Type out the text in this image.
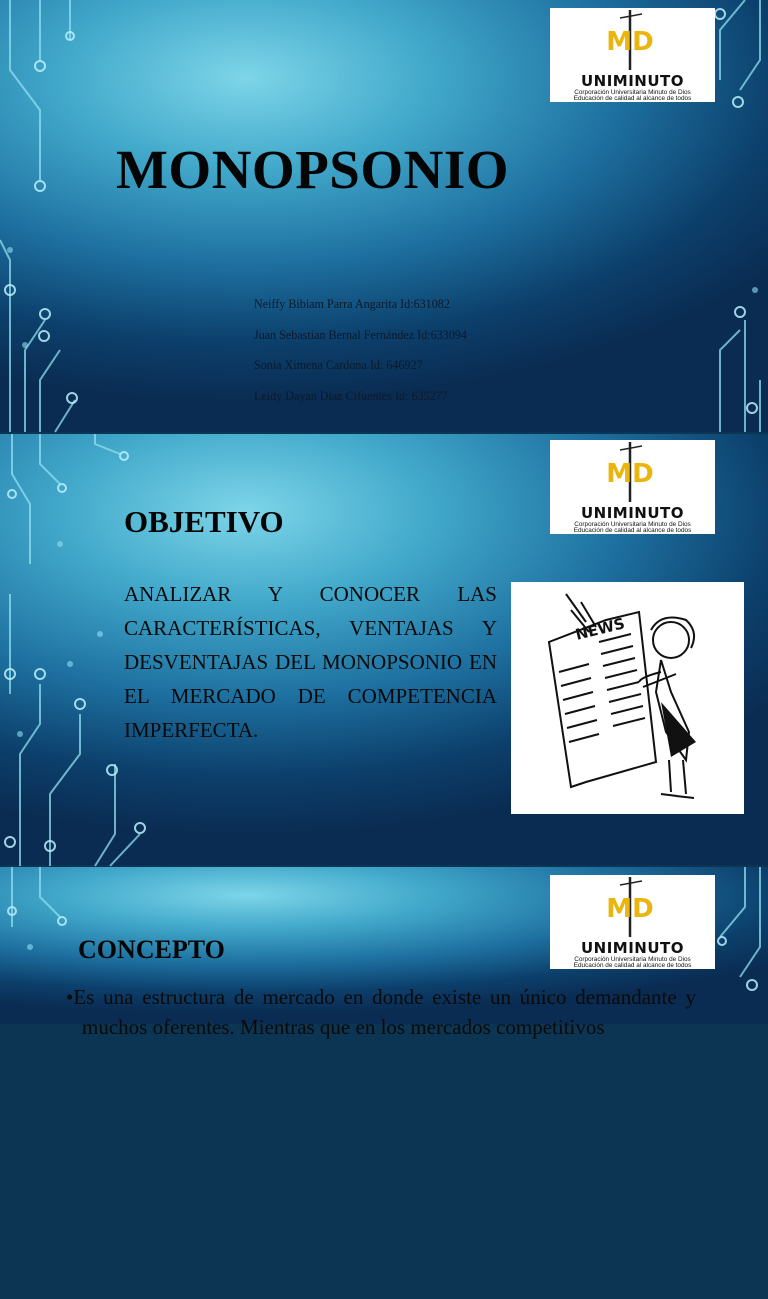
MD
UNIMINUTO
Corporación Universitaria Minuto de Dios
Educación de calidad al alcance de todos
MONOPSONIO
Neiffy Bibiam Parra Angarita Id:631082
Juan Sebastian Bernal Fernández Id:633094
Sonia Ximena Cardona Id: 646927
Leidy Dayan Diaz Cifuentes Id: 635277
MD
UNIMINUTO
Corporación Universitaria Minuto de Dios
Educación de calidad al alcance de todos
OBJETIVO

ANALIZAR Y CONOCER LAS CARACTERÍSTICAS, VENTAJAS Y DESVENTAJAS DEL MONOPSONIO EN EL MERCADO DE COMPETENCIA IMPERFECTA.

NEWS
MD
UNIMINUTO
Corporación Universitaria Minuto de Dios
Educación de calidad al alcance de todos
CONCEPTO

•Es una estructura de mercado en donde existe un único demandante y muchos oferentes. Mientras que en los mercados competitivos
